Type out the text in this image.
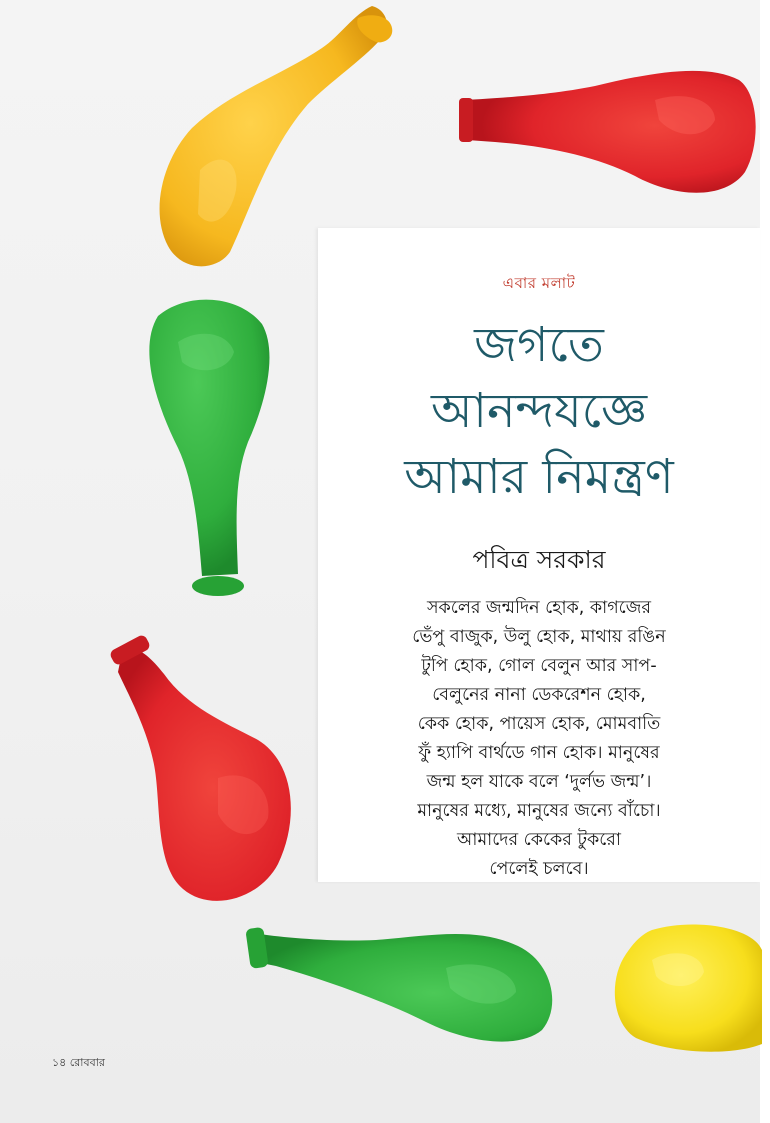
এবার মলাট
জগতে
আনন্দযজ্ঞে
আমার নিমন্ত্রণ
পবিত্র সরকার
সকলের জন্মদিন হোক, কাগজের
ভেঁপু বাজুক, উলু হোক, মাথায় রঙিন
টুপি হোক, গোল বেলুন আর সাপ-
বেলুনের নানা ডেকরেশন হোক,
কেক হোক, পায়েস হোক, মোমবাতি
ফুঁ হ্যাপি বার্থডে গান হোক। মানুষের
জন্ম হল যাকে বলে ‘দুর্লভ জন্ম’।
মানুষের মধ্যে, মানুষের জন্যে বাঁচো।
আমাদের কেকের টুকরো
পেলেই চলবে।
১৪ রোববার
